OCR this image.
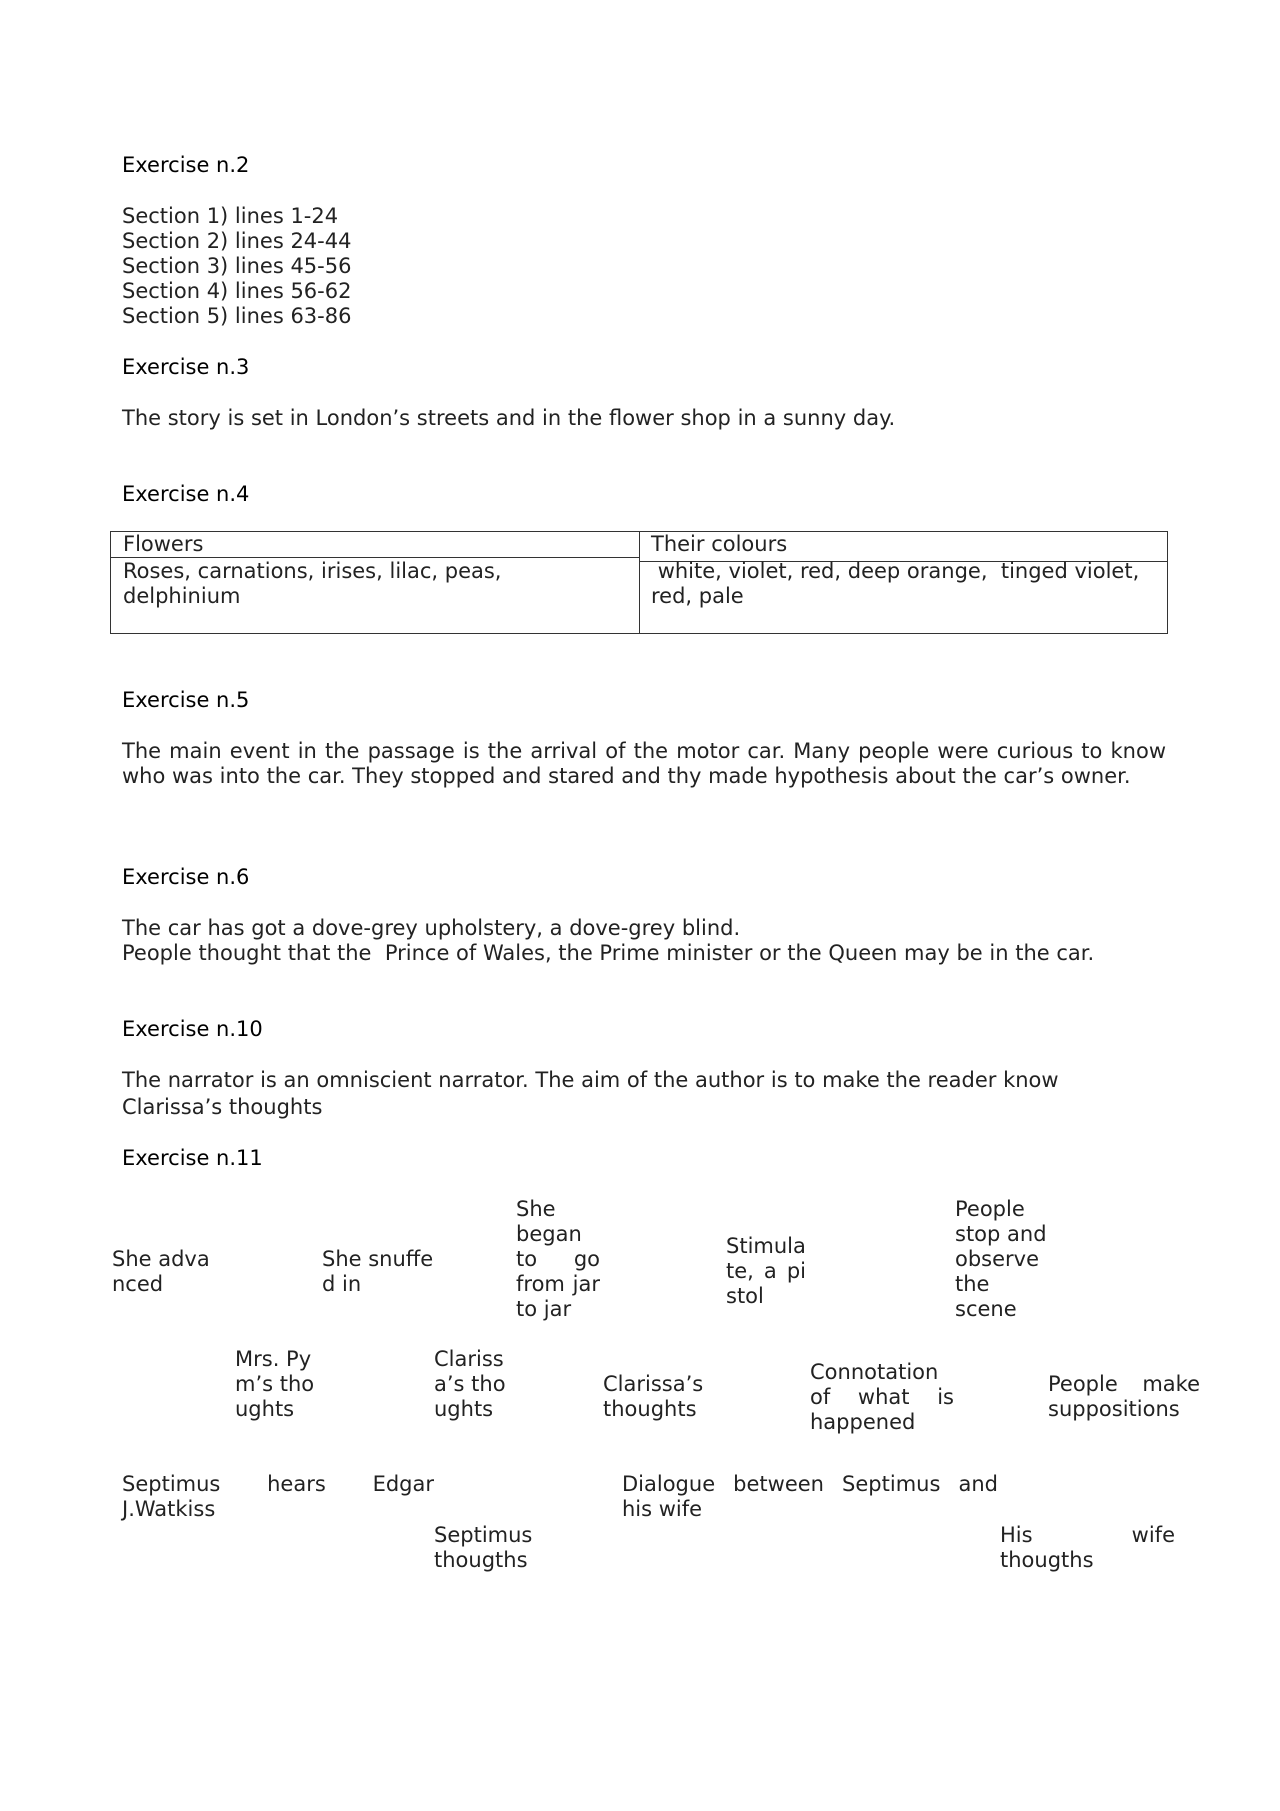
Exercise n.2
Section 1) lines 1-24
Section 2) lines 24-44
Section 3) lines 45-56
Section 4) lines 56-62
Section 5) lines 63-86
Exercise n.3
The story is set in London’s streets and in the flower shop in a sunny day.
Exercise n.4
Flowers	Their colours
Roses, carnations, irises, lilac, peas, delphinium
white, violet, red, deep orange,  tinged violet, red, pale
Exercise n.5
The main event in the passage is the arrival of the motor car. Many people were curious to know who was into the car. They stopped and stared and thy made hypothesis about the car’s owner.
Exercise n.6
The car has got a dove-grey upholstery, a dove-grey blind.
People thought that the  Prince of Wales, the Prime minister or the Queen may be in the car.
Exercise n.10
The narrator is an omniscient narrator. The aim of the author is to make the reader know
Clarissa’s thoughts
Exercise n.11
She advanced
She snuffed in
She began to go from jar to jar
Stimulate, a pistol
People stop and observe the scene
Mrs. Pym’s thoughts
Clarissa’s thoughts
Clarissa’s thoughts
Connotation of what is happened
People make suppositions
Septimus hears Edgar J.Watkiss
Dialogue between Septimus and his wife
Septimus thougths
His wife thougths
